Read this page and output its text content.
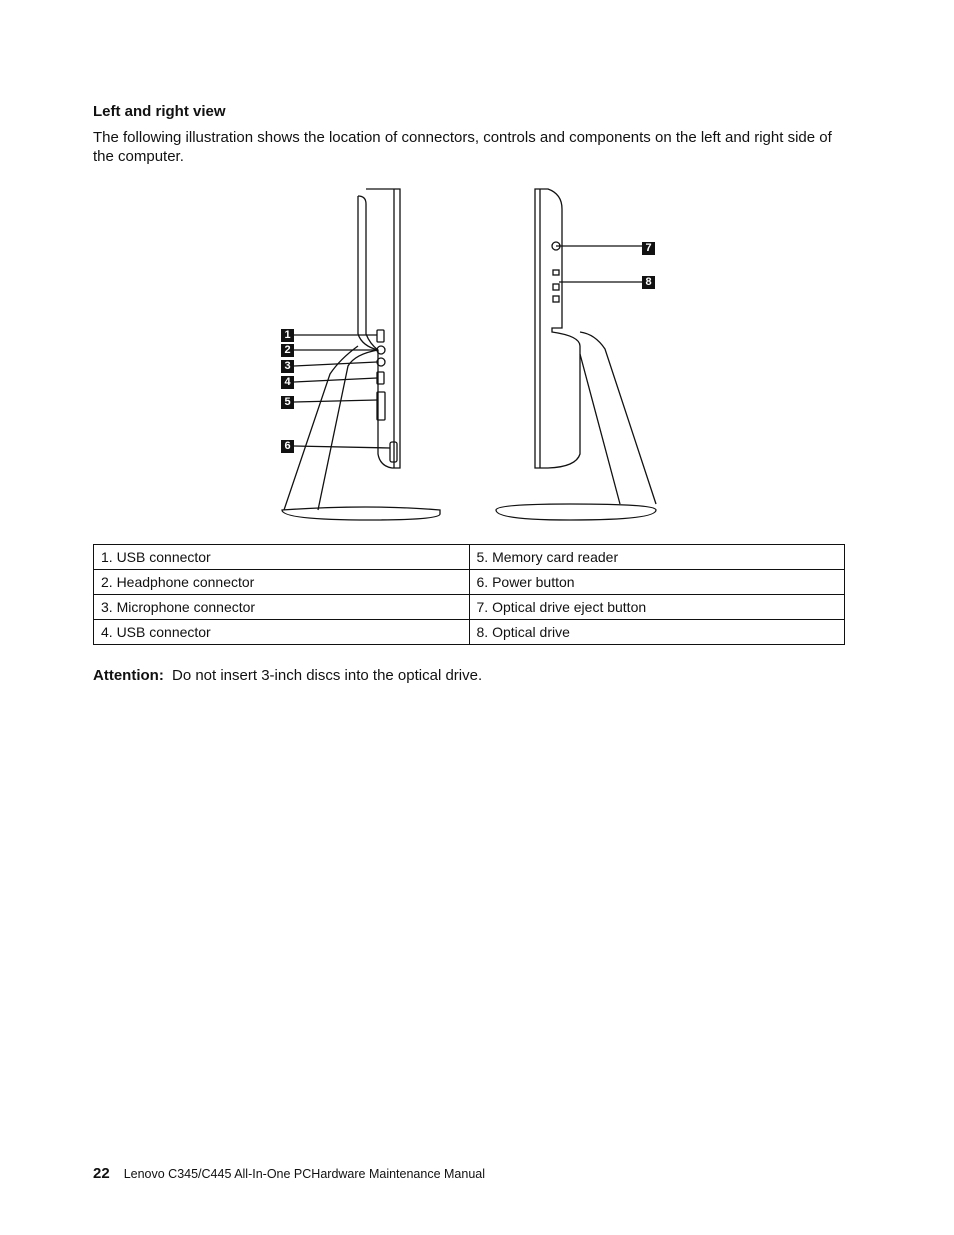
Left and right view

The following illustration shows the location of connectors, controls and components on the left and right side of the computer.

1
2
3
4
5
6
7
8
1. USB connector	5. Memory card reader
2. Headphone connector	6. Power button
3. Microphone connector	7. Optical drive eject button
4. USB connector	8. Optical drive

Attention: Do not insert 3-inch discs into the optical drive.

22 Lenovo C345/C445 All-In-One PCHardware Maintenance Manual
